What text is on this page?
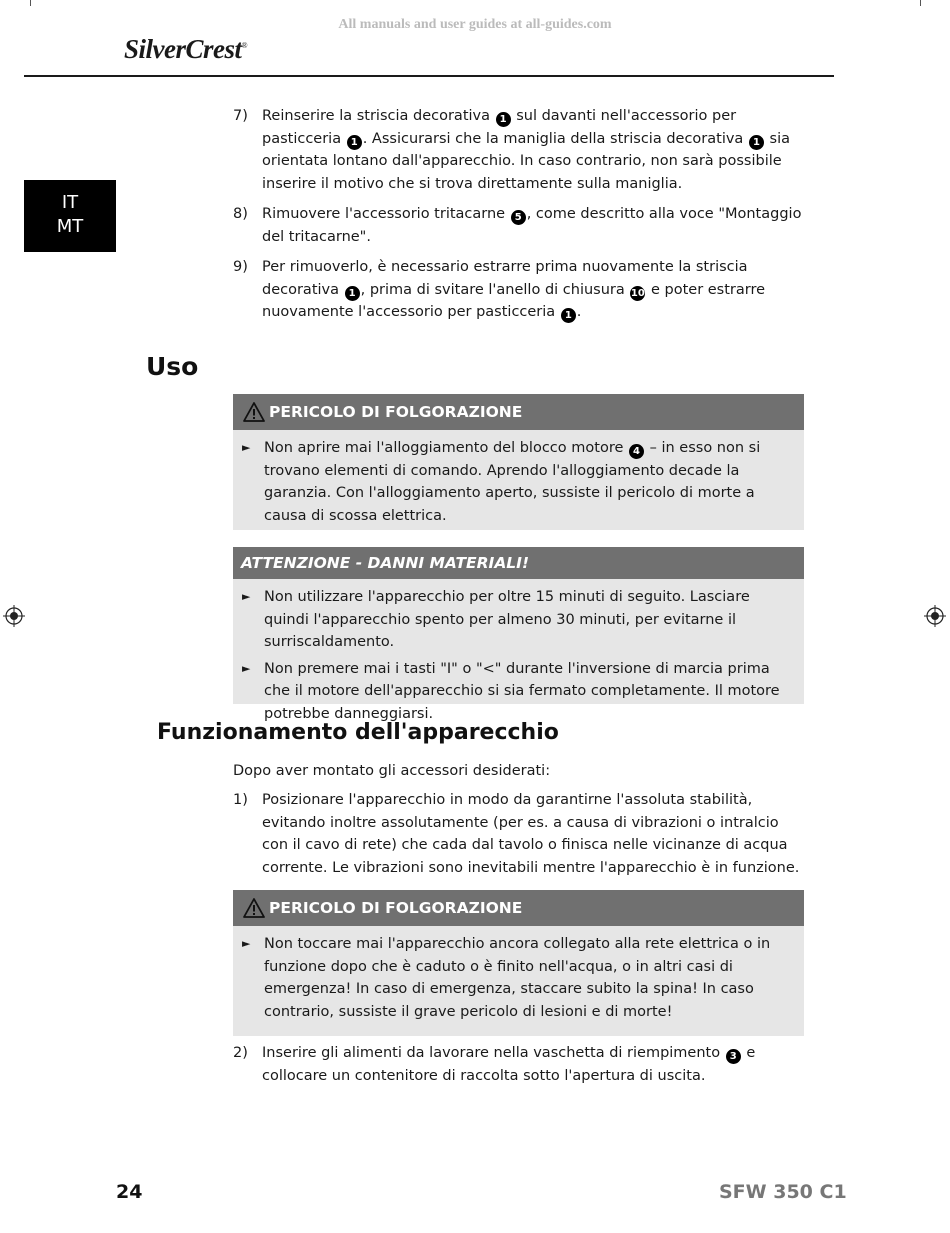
All manuals and user guides at all-guides.com
SilverCrest®
IT
MT
7) Reinserire la striscia decorativa 1 sul davanti nell'accessorio per pasticceria 1 . Assicurarsi che la maniglia della striscia decorativa 1 sia orientata lontano dall'apparecchio. In caso contrario, non sarà possibile inserire il motivo che si trova direttamente sulla maniglia.
8) Rimuovere l'accessorio tritacarne 5 , come descritto alla voce "Montaggio del tritacarne".
9) Per rimuoverlo, è necessario estrarre prima nuovamente la striscia decorativa 1 , prima di svitare l'anello di chiusura 10 e poter estrarre nuovamente l'accessorio per pasticceria 1 .
Uso
PERICOLO DI FOLGORAZIONE
► Non aprire mai l'alloggiamento del blocco motore 4 – in esso non si trovano elementi di comando. Aprendo l'alloggiamento decade la garanzia. Con l'alloggiamento aperto, sussiste il pericolo di morte a causa di scossa elettrica.
ATTENZIONE - DANNI MATERIALI!
► Non utilizzare l'apparecchio per oltre 15 minuti di seguito. Lasciare quindi l'apparecchio spento per almeno 30 minuti, per evitarne il surriscaldamento.
► Non premere mai i tasti "I" o "<" durante l'inversione di marcia prima che il motore dell'apparecchio si sia fermato completamente. Il motore potrebbe danneggiarsi.
Funzionamento dell'apparecchio
Dopo aver montato gli accessori desiderati:
1) Posizionare l'apparecchio in modo da garantirne l'assoluta stabilità, evitando inoltre assolutamente (per es. a causa di vibrazioni o intralcio con il cavo di rete) che cada dal tavolo o finisca nelle vicinanze di acqua corrente. Le vibrazioni sono inevitabili mentre l'apparecchio è in funzione.
PERICOLO DI FOLGORAZIONE
► Non toccare mai l'apparecchio ancora collegato alla rete elettrica o in funzione dopo che è caduto o è finito nell'acqua, o in altri casi di emergenza! In caso di emergenza, staccare subito la spina! In caso contrario, sussiste il grave pericolo di lesioni e di morte!
2) Inserire gli alimenti da lavorare nella vaschetta di riempimento 3 e collocare un contenitore di raccolta sotto l'apertura di uscita.
24	SFW 350 C1
